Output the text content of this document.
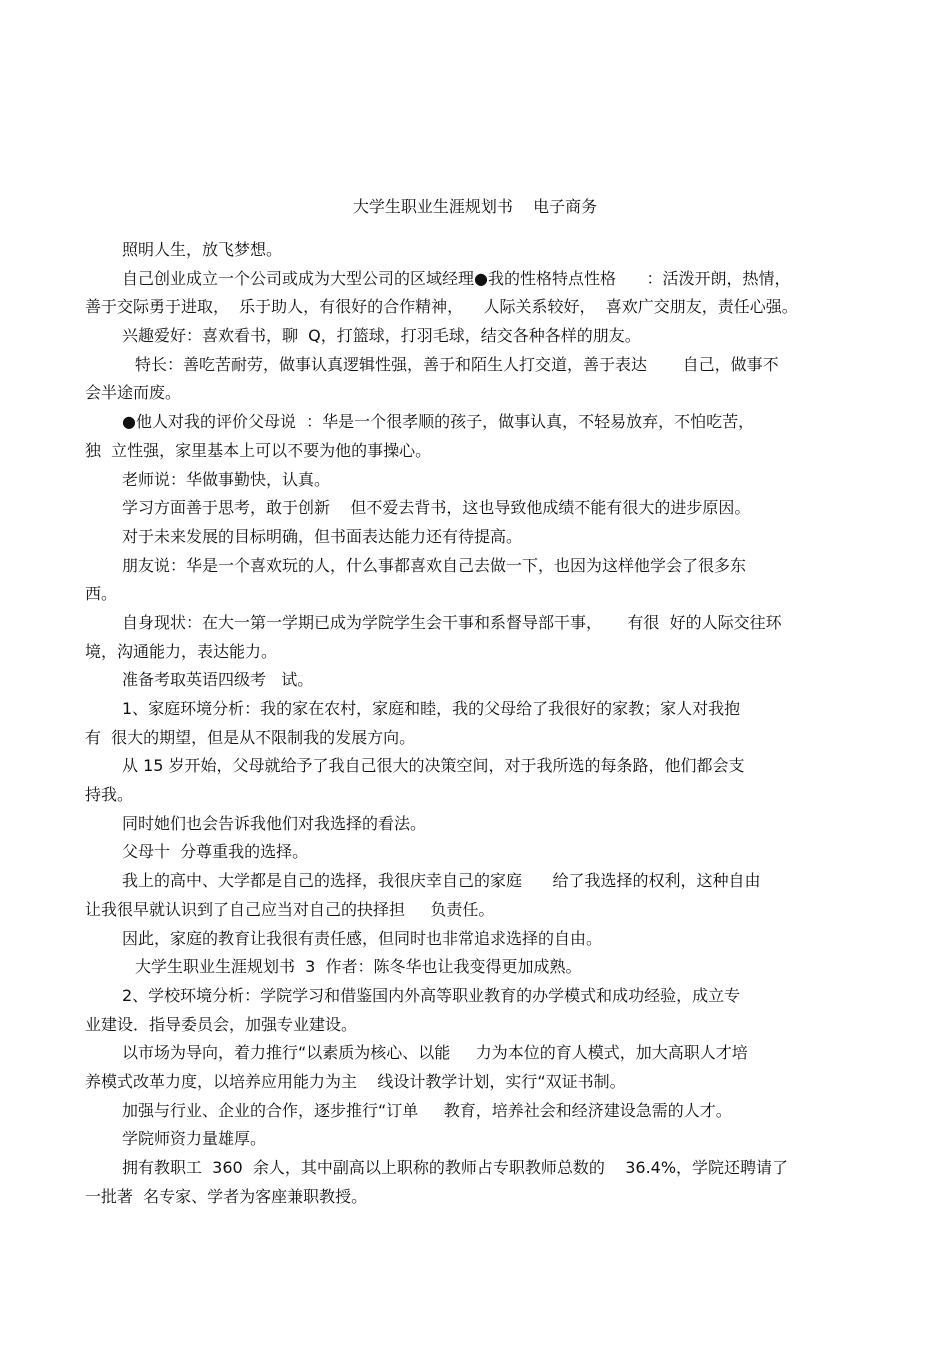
大学生职业生涯规划书    电子商务
照明人生，放飞梦想。
自己创业成立一个公司或成为大型公司的区域经理●我的性格特点性格      ：活泼开朗，热情，
善于交际勇于进取，  乐于助人，有很好的合作精神，    人际关系较好，  喜欢广交朋友，责任心强。
兴趣爱好：喜欢看书，聊  Q，打篮球，打羽毛球，结交各种各样的朋友。
特长：善吃苦耐劳，做事认真逻辑性强，善于和陌生人打交道，善于表达       自己，做事不
会半途而废。
●他人对我的评价父母说  ：华是一个很孝顺的孩子，做事认真，不轻易放弃，不怕吃苦，
独  立性强，家里基本上可以不要为他的事操心。
老师说：华做事勤快，认真。
学习方面善于思考，敢于创新    但不爱去背书，这也导致他成绩不能有很大的进步原因。
对于未来发展的目标明确，但书面表达能力还有待提高。
朋友说：华是一个喜欢玩的人，什么事都喜欢自己去做一下，也因为这样他学会了很多东
西。
自身现状：在大一第一学期已成为学院学生会干事和系督导部干事，     有很  好的人际交往环
境，沟通能力，表达能力。
准备考取英语四级考   试。
1、家庭环境分析：我的家在农村，家庭和睦，我的父母给了我很好的家教；家人对我抱
有  很大的期望，但是从不限制我的发展方向。
从 15 岁开始，父母就给予了我自己很大的决策空间，对于我所选的每条路，他们都会支
持我。
同时她们也会告诉我他们对我选择的看法。
父母十  分尊重我的选择。
我上的高中、大学都是自己的选择，我很庆幸自己的家庭      给了我选择的权利，这种自由
让我很早就认识到了自己应当对自己的抉择担     负责任。
因此，家庭的教育让我很有责任感，但同时也非常追求选择的自由。
大学生职业生涯规划书  3  作者：陈冬华也让我变得更加成熟。
2、学校环境分析：学院学习和借鉴国内外高等职业教育的办学模式和成功经验，成立专
业建设．指导委员会，加强专业建设。
以市场为导向，着力推行“以素质为核心、以能     力为本位的育人模式，加大高职人才培
养模式改革力度，以培养应用能力为主    线设计教学计划，实行“双证书制。
加强与行业、企业的合作，逐步推行“订单     教育，培养社会和经济建设急需的人才。
学院师资力量雄厚。
拥有教职工  360  余人，其中副高以上职称的教师占专职教师总数的    36.4%，学院还聘请了
一批著  名专家、学者为客座兼职教授。
